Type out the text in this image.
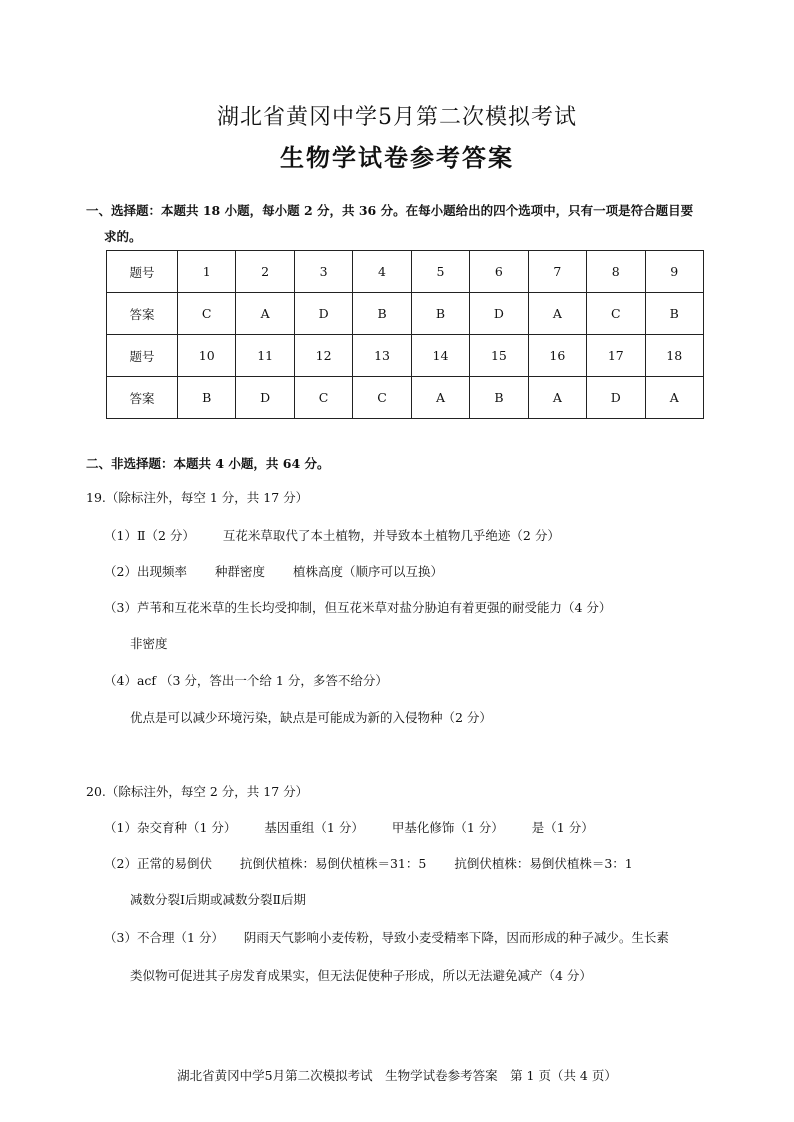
湖北省黄冈中学5月第二次模拟考试
生物学试卷参考答案
一、选择题：本题共 18 小题，每小题 2 分，共 36 分。在每小题给出的四个选项中，只有一项是符合题目要
求的。
题号	1	2	3	4	5	6	7	8	9
答案	C	A	D	B	B	D	A	C	B
题号	10	11	12	13	14	15	16	17	18
答案	B	D	C	C	A	B	A	D	A
二、非选择题：本题共 4 小题，共 64 分。
19.（除标注外，每空 1 分，共 17 分）
（1）Ⅱ（2 分） 互花米草取代了本土植物，并导致本土植物几乎绝迹（2 分）
（2）出现频率 种群密度 植株高度（顺序可以互换）
（3）芦苇和互花米草的生长均受抑制，但互花米草对盐分胁迫有着更强的耐受能力（4 分）
非密度
（4）acf （3 分，答出一个给 1 分，多答不给分）
优点是可以减少环境污染，缺点是可能成为新的入侵物种（2 分）
20.（除标注外，每空 2 分，共 17 分）
（1）杂交育种（1 分） 基因重组（1 分） 甲基化修饰（1 分） 是（1 分）
（2）正常的易倒伏 抗倒伏植株：易倒伏植株＝31：5 抗倒伏植株：易倒伏植株＝3：1
减数分裂Ⅰ后期或减数分裂Ⅱ后期
（3）不合理（1 分） 阴雨天气影响小麦传粉，导致小麦受精率下降，因而形成的种子减少。生长素
类似物可促进其子房发育成果实，但无法促使种子形成，所以无法避免减产（4 分）
湖北省黄冈中学5月第二次模拟考试　生物学试卷参考答案　第 1 页（共 4 页）
